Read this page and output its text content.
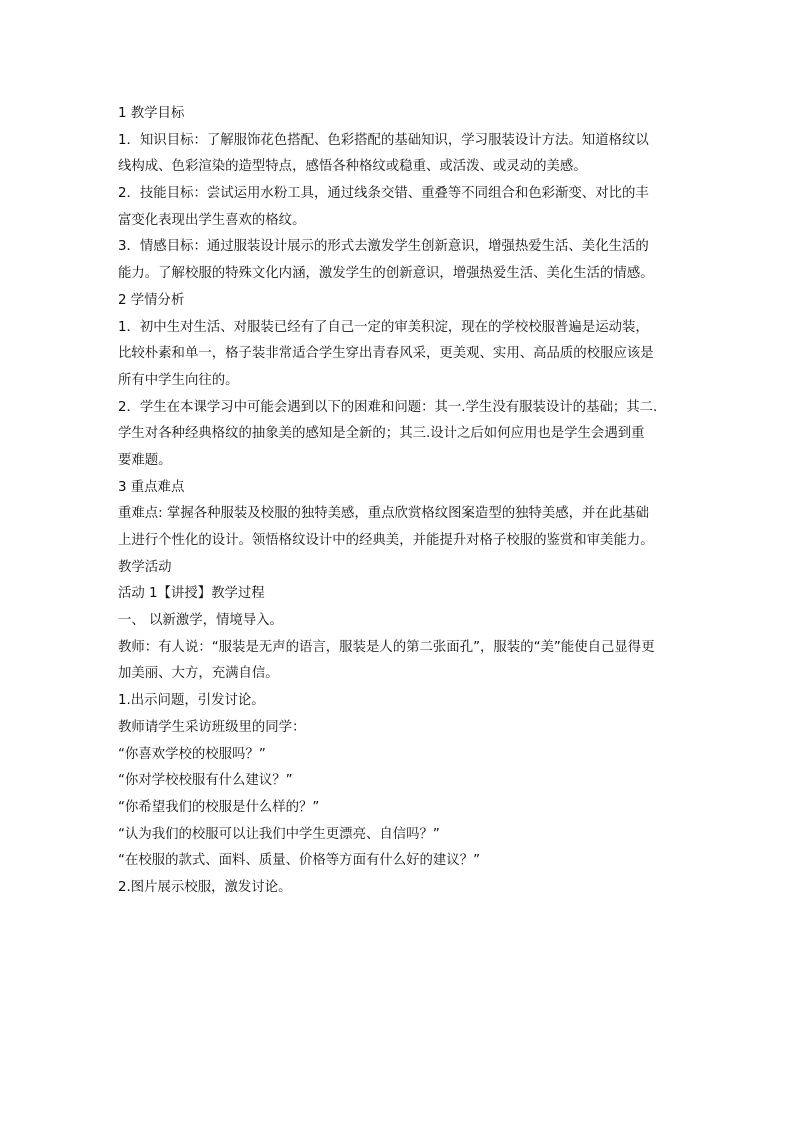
1 教学目标
1．知识目标：了解服饰花色搭配、色彩搭配的基础知识，学习服装设计方法。知道格纹以
线构成、色彩渲染的造型特点，感悟各种格纹或稳重、或活泼、或灵动的美感。
2．技能目标：尝试运用水粉工具，通过线条交错、重叠等不同组合和色彩渐变、对比的丰
富变化表现出学生喜欢的格纹。
3．情感目标：通过服装设计展示的形式去激发学生创新意识，增强热爱生活、美化生活的
能力。了解校服的特殊文化内涵，激发学生的创新意识，增强热爱生活、美化生活的情感。
2 学情分析
1．初中生对生活、对服装已经有了自己一定的审美积淀，现在的学校校服普遍是运动装，
比较朴素和单一，格子装非常适合学生穿出青春风采，更美观、实用、高品质的校服应该是
所有中学生向往的。
2．学生在本课学习中可能会遇到以下的困难和问题：其一.学生没有服装设计的基础；其二.
学生对各种经典格纹的抽象美的感知是全新的；其三.设计之后如何应用也是学生会遇到重
要难题。
3 重点难点
重难点: 掌握各种服装及校服的独特美感，重点欣赏格纹图案造型的独特美感，并在此基础
上进行个性化的设计。领悟格纹设计中的经典美，并能提升对格子校服的鉴赏和审美能力。
教学活动
活动 1【讲授】教学过程
一、 以新激学，情境导入。
教师：有人说：“服装是无声的语言，服装是人的第二张面孔”，服装的“美”能使自己显得更
加美丽、大方，充满自信。
1.出示问题，引发讨论。
教师请学生采访班级里的同学：
“你喜欢学校的校服吗？”
“你对学校校服有什么建议？”
“你希望我们的校服是什么样的？”
“认为我们的校服可以让我们中学生更漂亮、自信吗？”
“在校服的款式、面料、质量、价格等方面有什么好的建议？”
2.图片展示校服，激发讨论。
